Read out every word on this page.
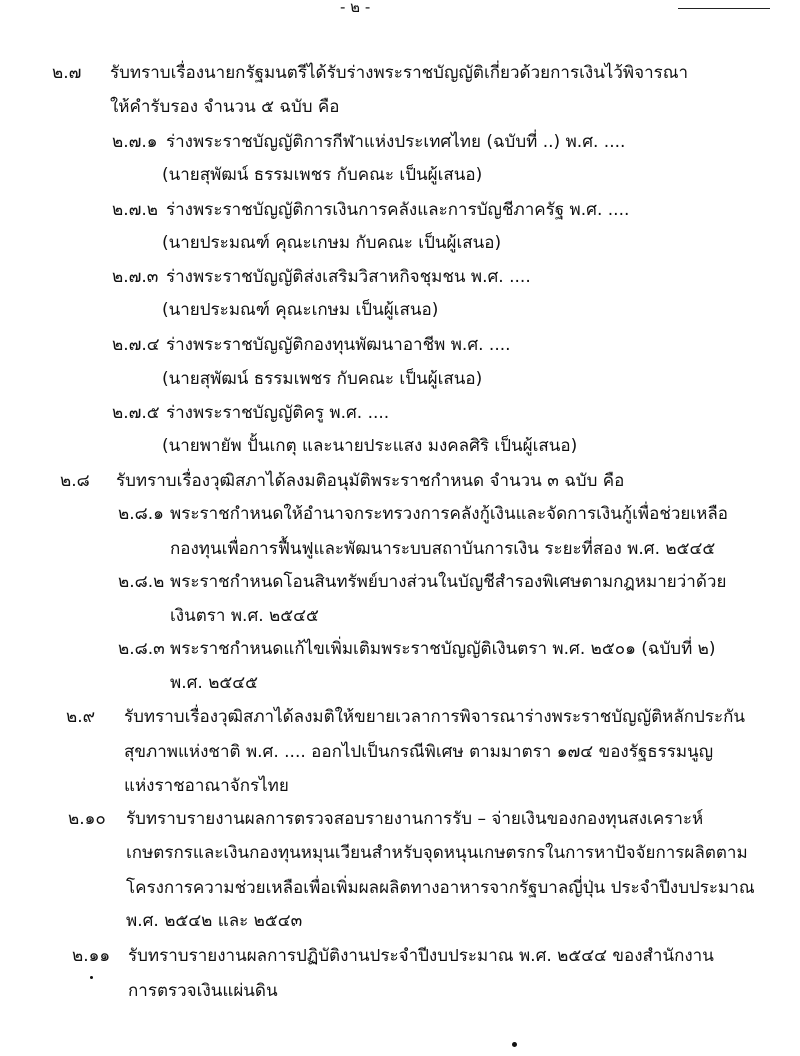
- ๒ -
๒.๗ รับทราบเรื่องนายกรัฐมนตรีได้รับร่างพระราชบัญญัติเกี่ยวด้วยการเงินไว้พิจารณา
ให้คำรับรอง จำนวน ๕ ฉบับ คือ
๒.๗.๑ ร่างพระราชบัญญัติการกีฬาแห่งประเทศไทย (ฉบับที่ ..) พ.ศ. ....
(นายสุพัฒน์ ธรรมเพชร กับคณะ เป็นผู้เสนอ)
๒.๗.๒ ร่างพระราชบัญญัติการเงินการคลังและการบัญชีภาครัฐ พ.ศ. ....
(นายประมณฑ์ คุณะเกษม กับคณะ เป็นผู้เสนอ)
๒.๗.๓ ร่างพระราชบัญญัติส่งเสริมวิสาหกิจชุมชน พ.ศ. ....
(นายประมณฑ์ คุณะเกษม เป็นผู้เสนอ)
๒.๗.๔ ร่างพระราชบัญญัติกองทุนพัฒนาอาชีพ พ.ศ. ....
(นายสุพัฒน์ ธรรมเพชร กับคณะ เป็นผู้เสนอ)
๒.๗.๕ ร่างพระราชบัญญัติครู พ.ศ. ....
(นายพายัพ ปั้นเกตุ และนายประแสง มงคลศิริ เป็นผู้เสนอ)
๒.๘ รับทราบเรื่องวุฒิสภาได้ลงมติอนุมัติพระราชกำหนด จำนวน ๓ ฉบับ คือ
๒.๘.๑ พระราชกำหนดให้อำนาจกระทรวงการคลังกู้เงินและจัดการเงินกู้เพื่อช่วยเหลือ
กองทุนเพื่อการฟื้นฟูและพัฒนาระบบสถาบันการเงิน ระยะที่สอง พ.ศ. ๒๕๔๕
๒.๘.๒ พระราชกำหนดโอนสินทรัพย์บางส่วนในบัญชีสำรองพิเศษตามกฎหมายว่าด้วย
เงินตรา พ.ศ. ๒๕๔๕
๒.๘.๓ พระราชกำหนดแก้ไขเพิ่มเติมพระราชบัญญัติเงินตรา พ.ศ. ๒๕๐๑ (ฉบับที่ ๒)
พ.ศ. ๒๕๔๕
๒.๙ รับทราบเรื่องวุฒิสภาได้ลงมติให้ขยายเวลาการพิจารณาร่างพระราชบัญญัติหลักประกัน
สุขภาพแห่งชาติ พ.ศ. .... ออกไปเป็นกรณีพิเศษ ตามมาตรา ๑๗๔ ของรัฐธรรมนูญ
แห่งราชอาณาจักรไทย
๒.๑๐ รับทราบรายงานผลการตรวจสอบรายงานการรับ – จ่ายเงินของกองทุนสงเคราะห์
เกษตรกรและเงินกองทุนหมุนเวียนสำหรับจุดหนุนเกษตรกรในการหาปัจจัยการผลิตตาม
โครงการความช่วยเหลือเพื่อเพิ่มผลผลิตทางอาหารจากรัฐบาลญี่ปุ่น ประจำปีงบประมาณ
พ.ศ. ๒๕๔๒ และ ๒๕๔๓
๒.๑๑ รับทราบรายงานผลการปฏิบัติงานประจำปีงบประมาณ พ.ศ. ๒๕๔๔ ของสำนักงาน
การตรวจเงินแผ่นดิน
